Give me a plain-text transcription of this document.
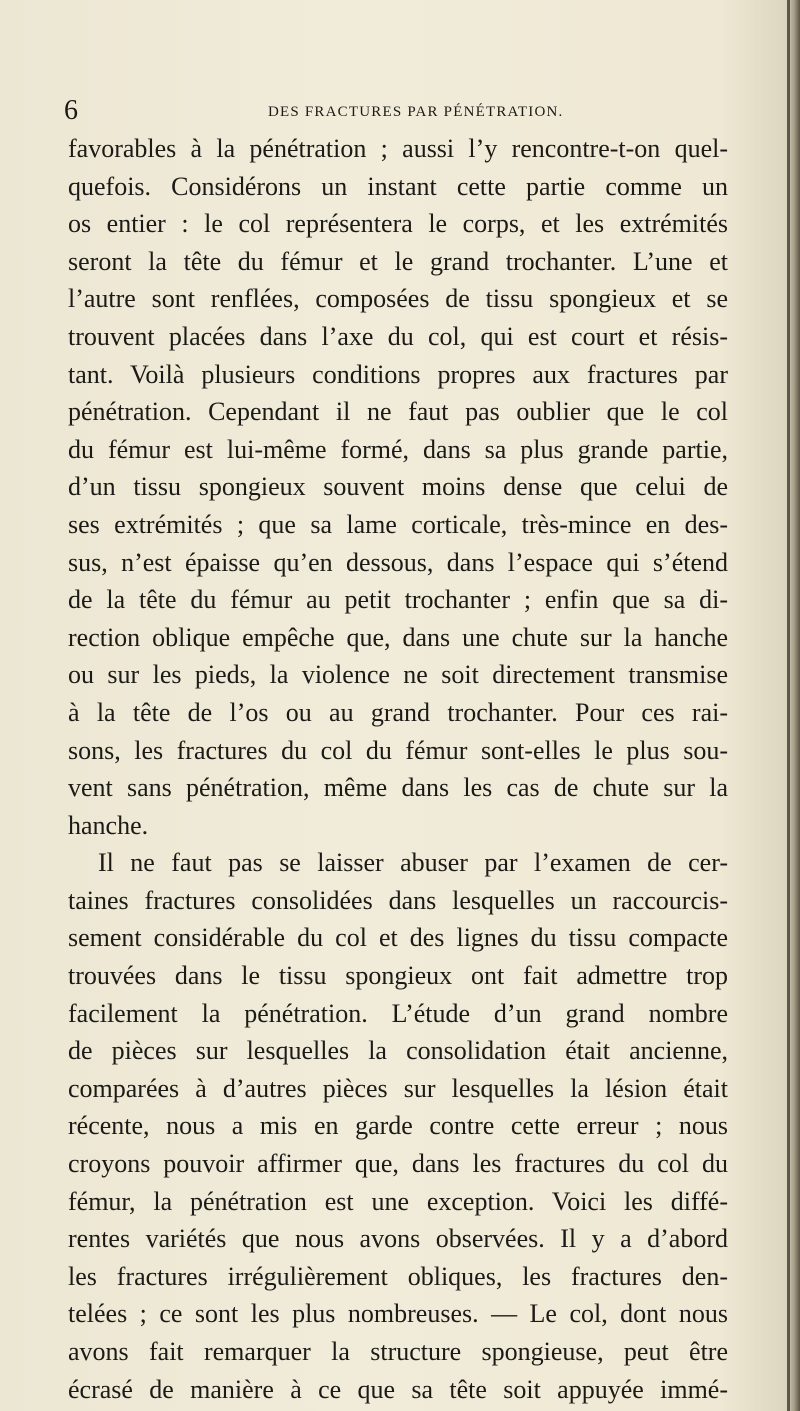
6	DES FRACTURES PAR PÉNÉTRATION.
favorables à la pénétration ; aussi l’y rencontre-t-on quel-
quefois. Considérons un instant cette partie comme un
os entier : le col représentera le corps, et les extrémités
seront la tête du fémur et le grand trochanter. L’une et
l’autre sont renflées, composées de tissu spongieux et se
trouvent placées dans l’axe du col, qui est court et résis-
tant. Voilà plusieurs conditions propres aux fractures par
pénétration. Cependant il ne faut pas oublier que le col
du fémur est lui-même formé, dans sa plus grande partie,
d’un tissu spongieux souvent moins dense que celui de
ses extrémités ; que sa lame corticale, très-mince en des-
sus, n’est épaisse qu’en dessous, dans l’espace qui s’étend
de la tête du fémur au petit trochanter ; enfin que sa di-
rection oblique empêche que, dans une chute sur la hanche
ou sur les pieds, la violence ne soit directement transmise
à la tête de l’os ou au grand trochanter. Pour ces rai-
sons, les fractures du col du fémur sont-elles le plus sou-
vent sans pénétration, même dans les cas de chute sur la
hanche.
Il ne faut pas se laisser abuser par l’examen de cer-
taines fractures consolidées dans lesquelles un raccourcis-
sement considérable du col et des lignes du tissu compacte
trouvées dans le tissu spongieux ont fait admettre trop
facilement la pénétration. L’étude d’un grand nombre
de pièces sur lesquelles la consolidation était ancienne,
comparées à d’autres pièces sur lesquelles la lésion était
récente, nous a mis en garde contre cette erreur ; nous
croyons pouvoir affirmer que, dans les fractures du col du
fémur, la pénétration est une exception. Voici les diffé-
rentes variétés que nous avons observées. Il y a d’abord
les fractures irrégulièrement obliques, les fractures den-
telées ; ce sont les plus nombreuses. — Le col, dont nous
avons fait remarquer la structure spongieuse, peut être
écrasé de manière à ce que sa tête soit appuyée immé-
